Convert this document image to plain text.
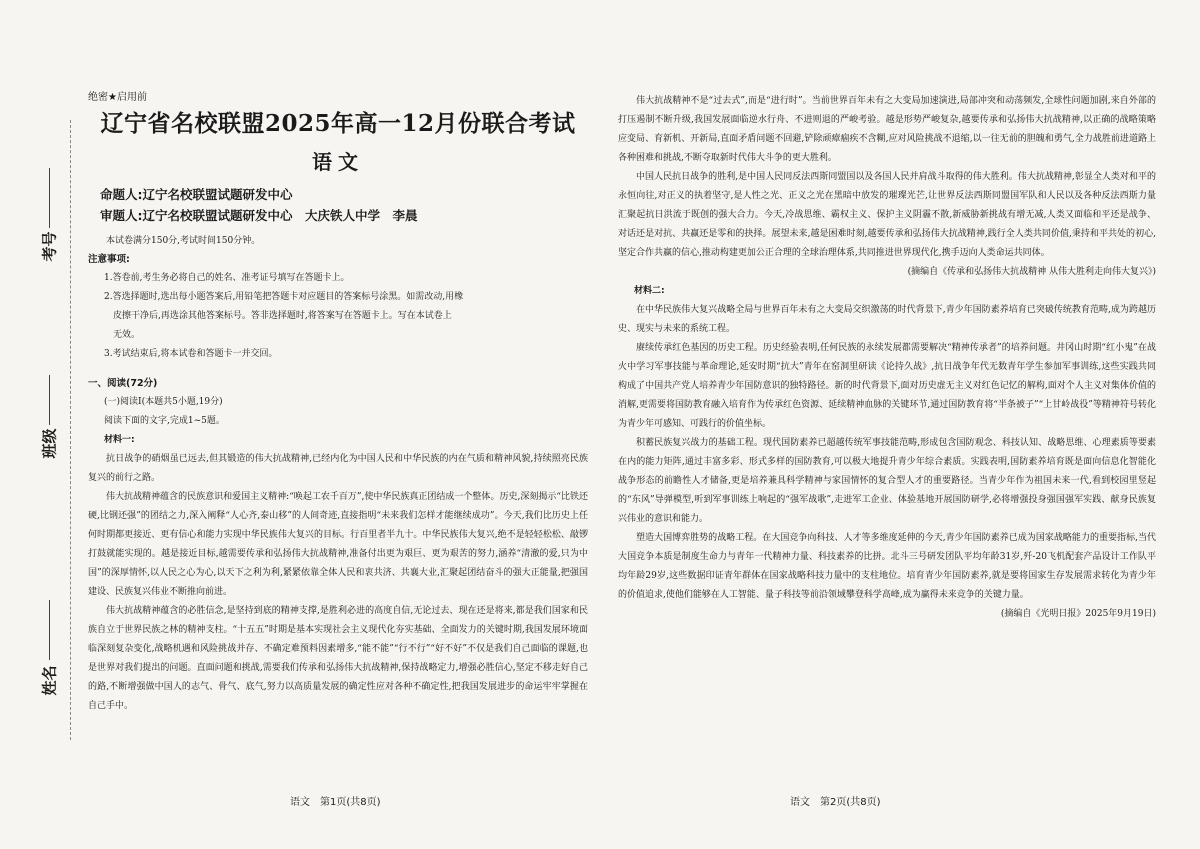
考号
班级
姓名

绝密★启用前

辽宁省名校联盟2025年高一12月份联合考试
语文

命题人:辽宁名校联盟试题研发中心

审题人:辽宁名校联盟试题研发中心　大庆铁人中学　李晨

本试卷满分150分,考试时间150分钟。

注意事项:

1.答卷前,考生务必将自己的姓名、准考证号填写在答题卡上。
2.答选择题时,选出每小题答案后,用铅笔把答题卡对应题目的答案标号涂黑。如需改动,用橡
　皮擦干净后,再选涂其他答案标号。答非选择题时,将答案写在答题卡上。写在本试卷上
　无效。
3.考试结束后,将本试卷和答题卡一并交回。

一、阅读(72分)

(一)阅读Ⅰ(本题共5小题,19分)

阅读下面的文字,完成1~5题。

材料一:

抗日战争的硝烟虽已远去,但其锻造的伟大抗战精神,已经内化为中国人民和中华民族的内在气质和精神风貌,持续照亮民族复兴的前行之路。

伟大抗战精神蕴含的民族意识和爱国主义精神:“唤起工农千百万”,使中华民族真正团结成一个整体。历史,深刻揭示“比铁还硬,比钢还强”的团结之力,深入阐释“人心齐,泰山移”的人间奇迹,直接指明“未来我们怎样才能继续成功”。今天,我们比历史上任何时期都更接近、更有信心和能力实现中华民族伟大复兴的目标。行百里者半九十。中华民族伟大复兴,绝不是轻轻松松、敲锣打鼓就能实现的。越是接近目标,越需要传承和弘扬伟大抗战精神,准备付出更为艰巨、更为艰苦的努力,涵养“清澈的爱,只为中国”的深厚情怀,以人民之心为心,以天下之利为利,紧紧依靠全体人民和衷共济、共襄大业,汇聚起团结奋斗的强大正能量,把强国建设、民族复兴伟业不断推向前进。

伟大抗战精神蕴含的必胜信念,是坚持到底的精神支撑,是胜利必进的高度自信,无论过去、现在还是将来,都是我们国家和民族自立于世界民族之林的精神支柱。“十五五”时期是基本实现社会主义现代化夯实基础、全面发力的关键时期,我国发展环境面临深刻复杂变化,战略机遇和风险挑战并存、不确定难预料因素增多,“能不能”“行不行”“好不好”不仅是我们自己面临的课题,也是世界对我们提出的问题。直面问题和挑战,需要我们传承和弘扬伟大抗战精神,保持战略定力,增强必胜信心,坚定不移走好自己的路,不断增强做中国人的志气、骨气、底气,努力以高质量发展的确定性应对各种不确定性,把我国发展进步的命运牢牢掌握在自己手中。

伟大抗战精神不是“过去式”,而是“进行时”。当前世界百年未有之大变局加速演进,局部冲突和动荡频发,全球性问题加剧,来自外部的打压遏制不断升级,我国发展面临逆水行舟、不进则退的严峻考验。越是形势严峻复杂,越要传承和弘扬伟大抗战精神,以正确的战略策略应变局、育新机、开新局,直面矛盾问题不回避,铲除顽瘴痼疾不含糊,应对风险挑战不退缩,以一往无前的胆魄和勇气,全力战胜前进道路上各种困难和挑战,不断夺取新时代伟大斗争的更大胜利。

中国人民抗日战争的胜利,是中国人民同反法西斯同盟国以及各国人民并肩战斗取得的伟大胜利。伟大抗战精神,彰显全人类对和平的永恒向往,对正义的执着坚守,是人性之光、正义之光在黑暗中放发的璀璨光芒,让世界反法西斯同盟国军队和人民以及各种反法西斯力量汇聚起抗日洪流于既创的强大合力。今天,冷战思维、霸权主义、保护主义阴霾不散,新威胁新挑战有增无减,人类又面临和平还是战争、对话还是对抗、共赢还是零和的抉择。展望未来,越是困难时刻,越要传承和弘扬伟大抗战精神,践行全人类共同价值,秉持和平共处的初心,坚定合作共赢的信心,推动构建更加公正合理的全球治理体系,共同推进世界现代化,携手迈向人类命运共同体。

(摘编自《传承和弘扬伟大抗战精神 从伟大胜利走向伟大复兴》)

材料二:

在中华民族伟大复兴战略全局与世界百年未有之大变局交织激荡的时代背景下,青少年国防素养培育已突破传统教育范畴,成为跨越历史、现实与未来的系统工程。

赓续传承红色基因的历史工程。历史经验表明,任何民族的永续发展都需要解决“精神传承者”的培养问题。井冈山时期“红小鬼”在战火中学习军事技能与革命理论,延安时期“抗大”青年在窑洞里研读《论持久战》,抗日战争年代无数青年学生参加军事训练,这些实践共同构成了中国共产党人培养青少年国防意识的独特路径。新的时代背景下,面对历史虚无主义对红色记忆的解构,面对个人主义对集体价值的消解,更需要将国防教育融入培育作为传承红色资源、延续精神血脉的关键环节,通过国防教育将“半条被子”“上甘岭战役”等精神符号转化为青少年可感知、可践行的价值坐标。

积蓄民族复兴战力的基础工程。现代国防素养已超越传统军事技能范畴,形成包含国防观念、科技认知、战略思维、心理素质等要素在内的能力矩阵,通过丰富多彩、形式多样的国防教育,可以极大地提升青少年综合素质。实践表明,国防素养培育既是面向信息化智能化战争形态的前瞻性人才储备,更是培养兼具科学精神与家国情怀的复合型人才的重要路径。当青少年作为祖国未来一代,看到校园里竖起的“东风”导弹模型,听到军事训练上响起的“强军战歌”,走进军工企业、体验基地开展国防研学,必将增强投身强国强军实践、献身民族复兴伟业的意识和能力。

塑造大国博弈胜势的战略工程。在大国竞争向科技、人才等多维度延伸的今天,青少年国防素养已成为国家战略能力的重要指标,当代大国竞争本质是制度生命力与青年一代精神力量、科技素养的比拼。北斗三号研发团队平均年龄31岁,歼-20飞机配套产品设计工作队平均年龄29岁,这些数据印证青年群体在国家战略科技力量中的支柱地位。培育青少年国防素养,就是要将国家生存发展需求转化为青少年的价值追求,使他们能够在人工智能、量子科技等前沿领域攀登科学高峰,成为赢得未来竞争的关键力量。

(摘编自《光明日报》2025年9月19日)

语文　第1页(共8页)	语文　第2页(共8页)
